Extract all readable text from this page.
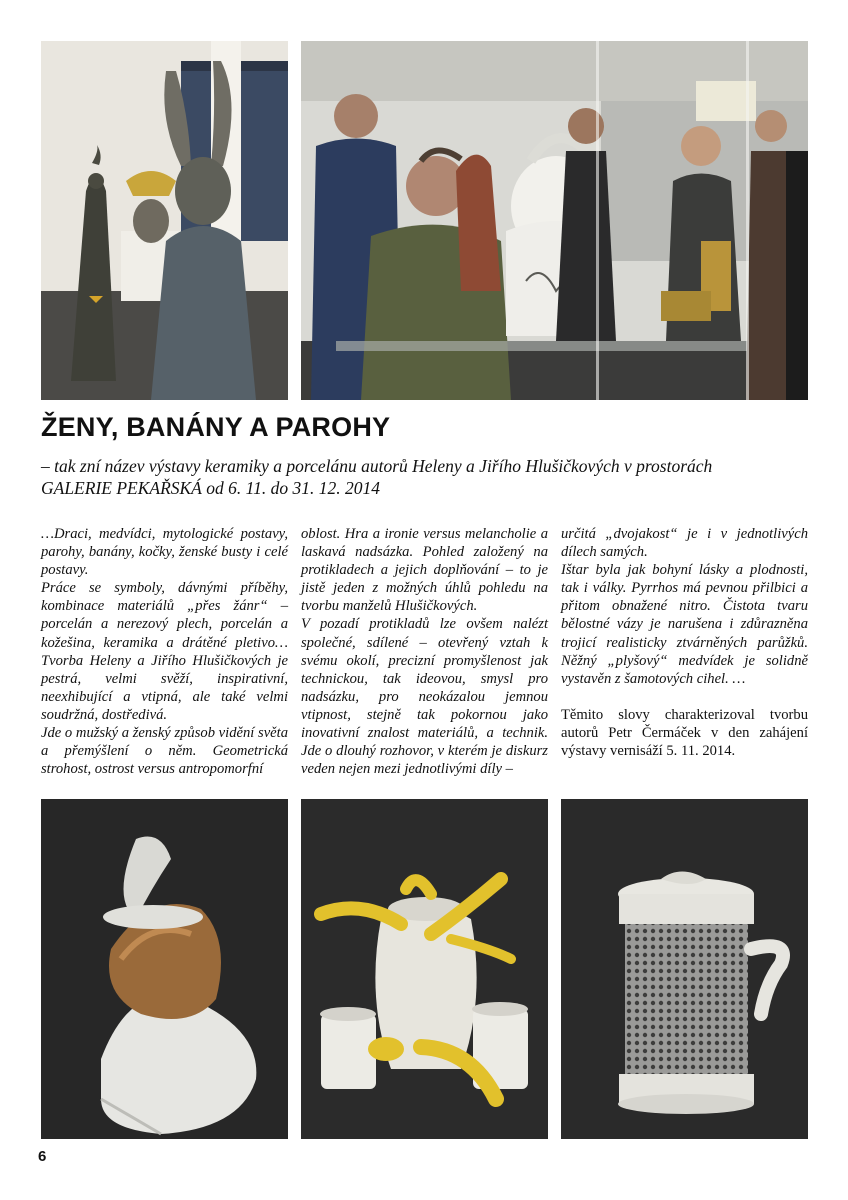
ŽENY, BANÁNY A PAROHY

– tak zní název výstavy keramiky a porcelánu autorů Heleny a Jiřího Hlušičkových v prostorách
GALERIE PEKAŘSKÁ od 6. 11. do 31. 12. 2014

…Draci, medvídci, mytologické postavy, parohy, banány, kočky, ženské busty i celé postavy.

Práce se symboly, dávnými příběhy, kombinace materiálů „přes žánr“ – porcelán a nerezový plech, porcelán a kožešina, keramika a drátěné pletivo… Tvorba Heleny a Jiřího Hlušičkových je pestrá, velmi svěží, inspirativní, neexhibující a vtipná, ale také velmi soudržná, dostředivá.

Jde o mužský a ženský způsob vidění světa a přemýšlení o něm. Geometrická strohost, ostrost versus antropomorfní

oblost. Hra a ironie versus melancholie a laskavá nadsázka. Pohled založený na protikladech a jejich doplňování – to je jistě jeden z možných úhlů pohledu na tvorbu manželů Hlušičkových.

V pozadí protikladů lze ovšem nalézt společné, sdílené – otevřený vztah k svému okolí, precizní promyšlenost jak technickou, tak ideovou, smysl pro nadsázku, pro neokázalou jemnou vtipnost, stejně tak pokornou jako inovativní znalost materiálů, a technik. Jde o dlouhý rozhovor, v kterém je diskurz veden nejen mezi jednotlivými díly –

určitá „dvojakost“ je i v jednotlivých dílech samých.

Ištar byla jak bohyní lásky a plodnosti, tak i války. Pyrrhos má pevnou přilbici a přitom obnažené nitro. Čistota tvaru bělostné vázy je narušena i zdůrazněna trojicí realisticky ztvárněných parůžků. Něžný „plyšový“ medvídek je solidně vystavěn z šamotových cihel. …

Těmito slovy charakterizoval tvorbu autorů Petr Čermáček v den zahájení výstavy vernisáží 5. 11. 2014.

6
